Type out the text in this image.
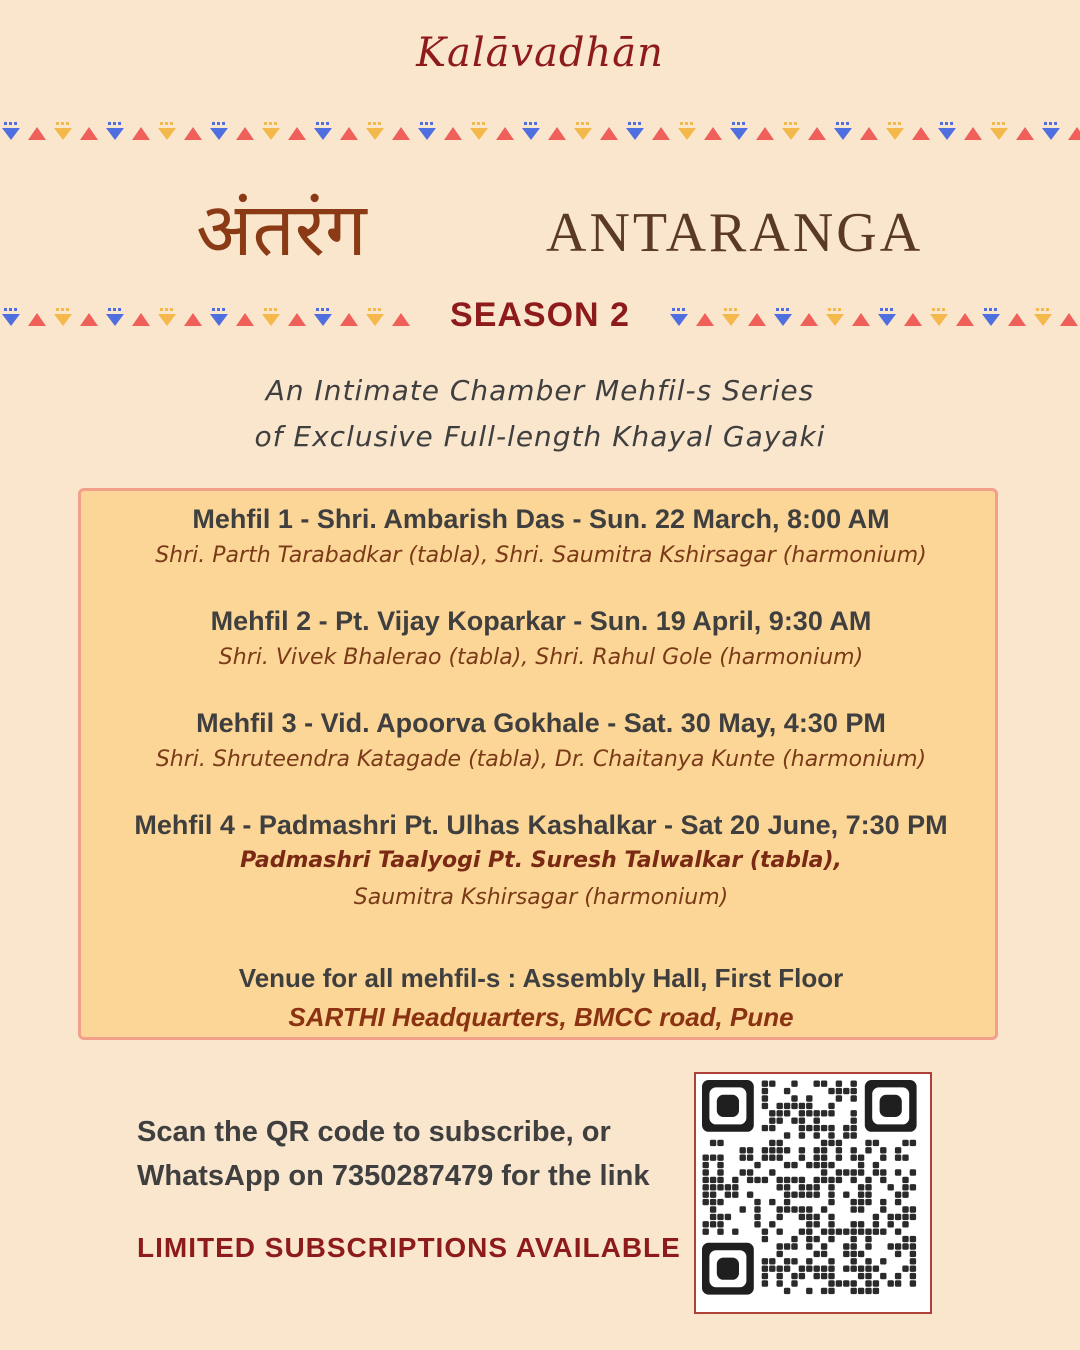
Kalāvadhān
अंतरंग	ANTARANGA
SEASON 2
An Intimate Chamber Mehfil-s Series
of Exclusive Full-length Khayal Gayaki
Mehfil 1 - Shri. Ambarish Das - Sun. 22 March, 8:00 AM
Shri. Parth Tarabadkar (tabla), Shri. Saumitra Kshirsagar (harmonium)
Mehfil 2 - Pt. Vijay Koparkar - Sun. 19 April, 9:30 AM
Shri. Vivek Bhalerao (tabla), Shri. Rahul Gole (harmonium)
Mehfil 3 - Vid. Apoorva Gokhale - Sat. 30 May, 4:30 PM
Shri. Shruteendra Katagade (tabla), Dr. Chaitanya Kunte (harmonium)
Mehfil 4 - Padmashri Pt. Ulhas Kashalkar - Sat 20 June, 7:30 PM
Padmashri Taalyogi Pt. Suresh Talwalkar (tabla),
Saumitra Kshirsagar (harmonium)
Venue for all mehfil-s : Assembly Hall, First Floor
SARTHI Headquarters, BMCC road, Pune
Scan the QR code to subscribe, or
WhatsApp on 7350287479 for the link
LIMITED SUBSCRIPTIONS AVAILABLE
